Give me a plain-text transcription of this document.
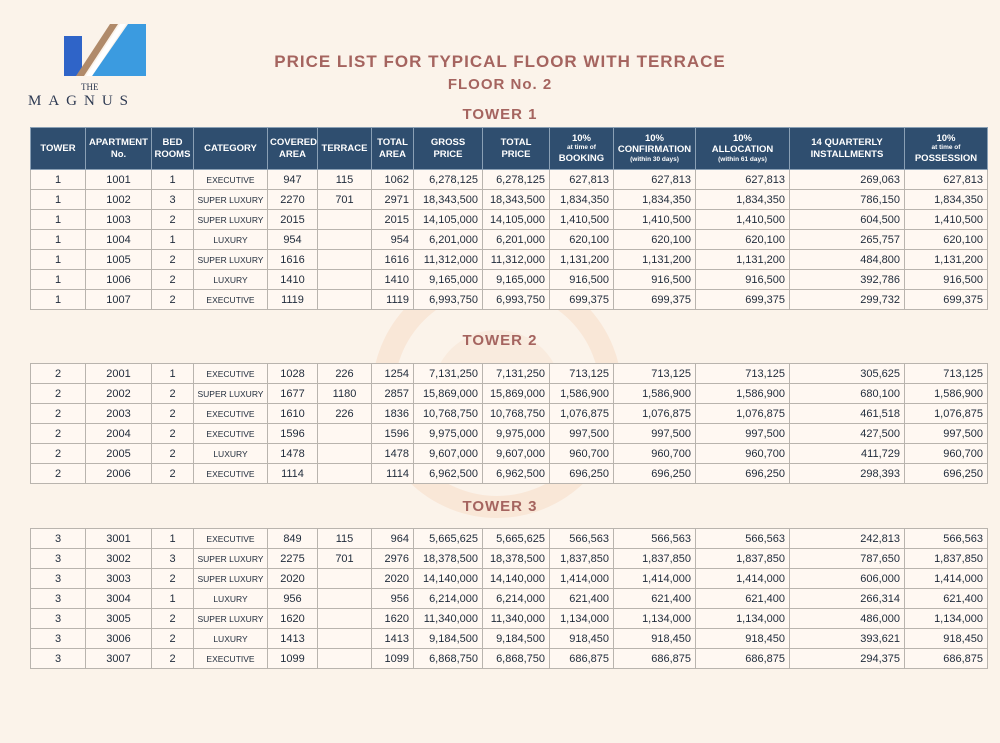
THE
MAGNUS
PRICE LIST FOR TYPICAL FLOOR WITH TERRACE
FLOOR No. 2
TOWER 1
TOWER	APARTMENT No.	BED ROOMS	CATEGORY	COVERED AREA	TERRACE	TOTAL AREA	GROSS PRICE	TOTAL PRICE	10%
at time of
BOOKING	10%
CONFIRMATION
(within 30 days)	10%
ALLOCATION
(within 61 days)	14 QUARTERLY INSTALLMENTS	10%
at time of
POSSESSION

1	1001	1	EXECUTIVE	947	115	1062	6,278,125	6,278,125	627,813	627,813	627,813	269,063	627,813
1	1002	3	SUPER LUXURY	2270	701	2971	18,343,500	18,343,500	1,834,350	1,834,350	1,834,350	786,150	1,834,350
1	1003	2	SUPER LUXURY	2015		2015	14,105,000	14,105,000	1,410,500	1,410,500	1,410,500	604,500	1,410,500
1	1004	1	LUXURY	954		954	6,201,000	6,201,000	620,100	620,100	620,100	265,757	620,100
1	1005	2	SUPER LUXURY	1616		1616	11,312,000	11,312,000	1,131,200	1,131,200	1,131,200	484,800	1,131,200
1	1006	2	LUXURY	1410		1410	9,165,000	9,165,000	916,500	916,500	916,500	392,786	916,500
1	1007	2	EXECUTIVE	1119		1119	6,993,750	6,993,750	699,375	699,375	699,375	299,732	699,375
TOWER 2
2	2001	1	EXECUTIVE	1028	226	1254	7,131,250	7,131,250	713,125	713,125	713,125	305,625	713,125
2	2002	2	SUPER LUXURY	1677	1180	2857	15,869,000	15,869,000	1,586,900	1,586,900	1,586,900	680,100	1,586,900
2	2003	2	EXECUTIVE	1610	226	1836	10,768,750	10,768,750	1,076,875	1,076,875	1,076,875	461,518	1,076,875
2	2004	2	EXECUTIVE	1596		1596	9,975,000	9,975,000	997,500	997,500	997,500	427,500	997,500
2	2005	2	LUXURY	1478		1478	9,607,000	9,607,000	960,700	960,700	960,700	411,729	960,700
2	2006	2	EXECUTIVE	1114		1114	6,962,500	6,962,500	696,250	696,250	696,250	298,393	696,250
TOWER 3
3	3001	1	EXECUTIVE	849	115	964	5,665,625	5,665,625	566,563	566,563	566,563	242,813	566,563
3	3002	3	SUPER LUXURY	2275	701	2976	18,378,500	18,378,500	1,837,850	1,837,850	1,837,850	787,650	1,837,850
3	3003	2	SUPER LUXURY	2020		2020	14,140,000	14,140,000	1,414,000	1,414,000	1,414,000	606,000	1,414,000
3	3004	1	LUXURY	956		956	6,214,000	6,214,000	621,400	621,400	621,400	266,314	621,400
3	3005	2	SUPER LUXURY	1620		1620	11,340,000	11,340,000	1,134,000	1,134,000	1,134,000	486,000	1,134,000
3	3006	2	LUXURY	1413		1413	9,184,500	9,184,500	918,450	918,450	918,450	393,621	918,450
3	3007	2	EXECUTIVE	1099		1099	6,868,750	6,868,750	686,875	686,875	686,875	294,375	686,875
